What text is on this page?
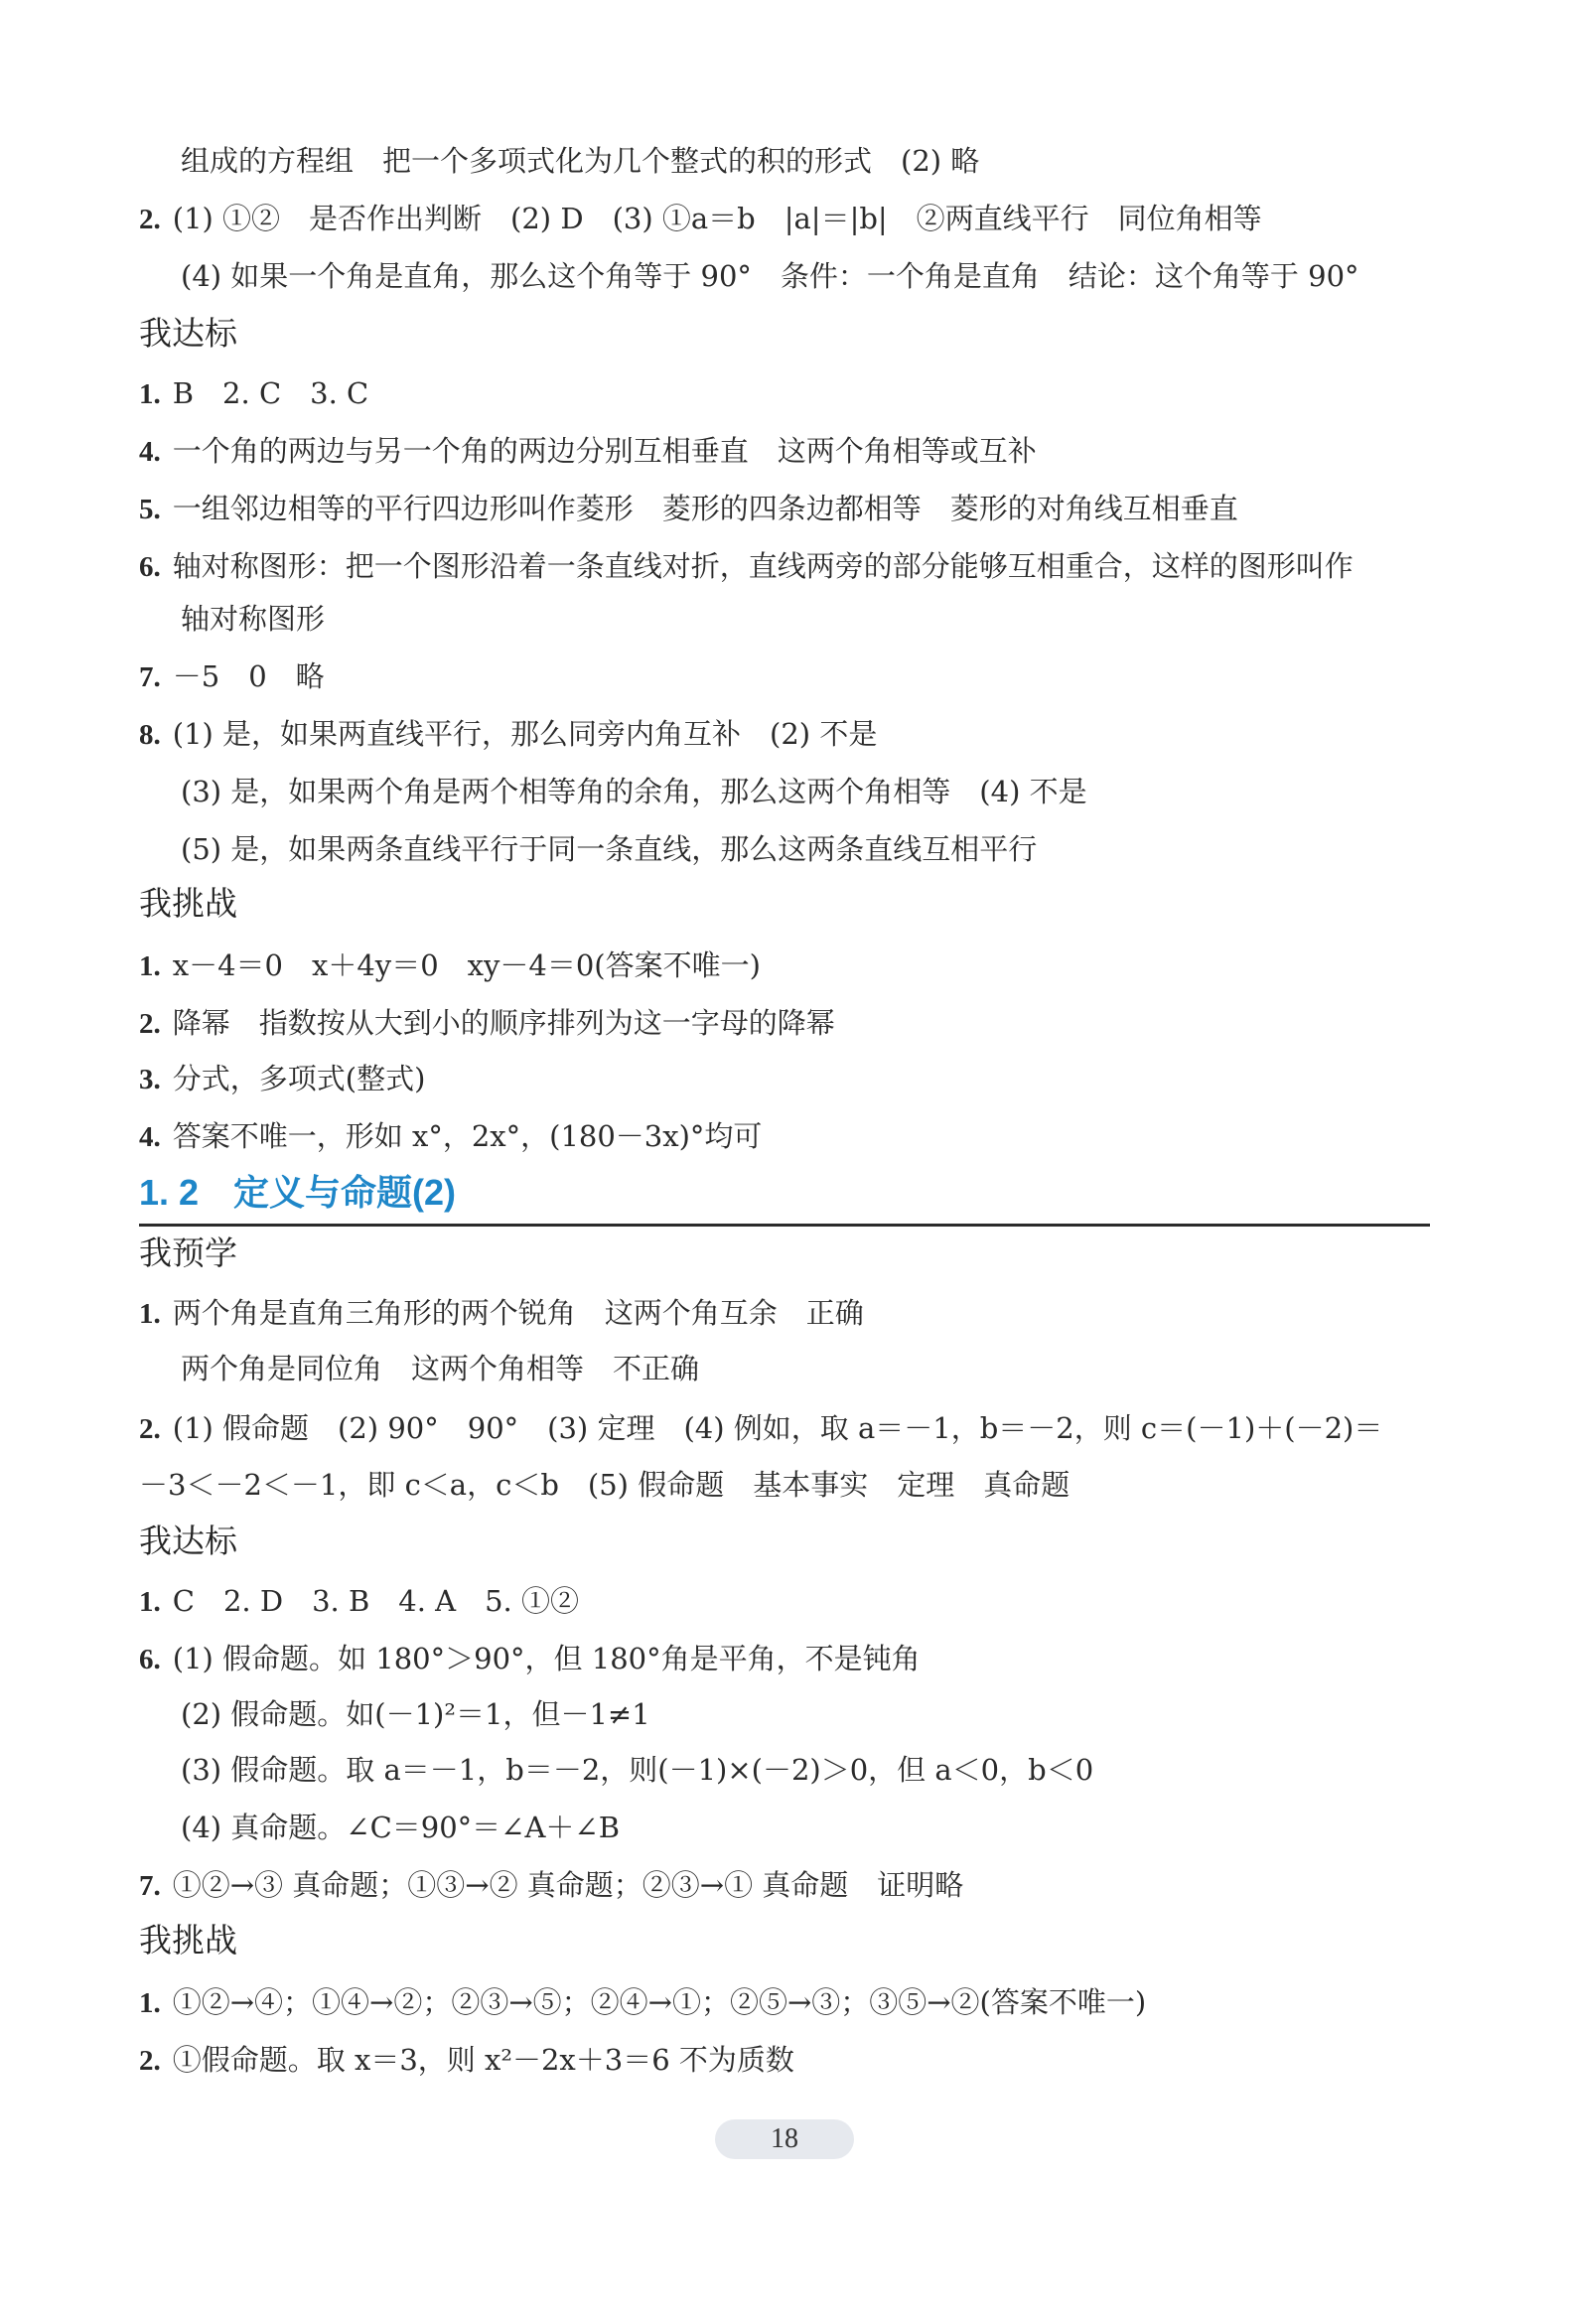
组成的方程组　把一个多项式化为几个整式的积的形式　(2) 略
2. (1) ①②　是否作出判断　(2) D　(3) ①a＝b　|a|＝|b|　②两直线平行　同位角相等
(4) 如果一个角是直角，那么这个角等于 90°　条件：一个角是直角　结论：这个角等于 90°
我达标
1. B　2. C　3. C
4. 一个角的两边与另一个角的两边分别互相垂直　这两个角相等或互补
5. 一组邻边相等的平行四边形叫作菱形　菱形的四条边都相等　菱形的对角线互相垂直
6. 轴对称图形：把一个图形沿着一条直线对折，直线两旁的部分能够互相重合，这样的图形叫作
轴对称图形
7. －5　0　略
8. (1) 是，如果两直线平行，那么同旁内角互补　(2) 不是
(3) 是，如果两个角是两个相等角的余角，那么这两个角相等　(4) 不是
(5) 是，如果两条直线平行于同一条直线，那么这两条直线互相平行
我挑战
1. x－4＝0　x＋4y＝0　xy－4＝0(答案不唯一)
2. 降幂　指数按从大到小的顺序排列为这一字母的降幂
3. 分式，多项式(整式)
4. 答案不唯一，形如 x°，2x°，(180－3x)°均可
1. 2 定义与命题(2)
我预学
1. 两个角是直角三角形的两个锐角　这两个角互余　正确
两个角是同位角　这两个角相等　不正确
2. (1) 假命题　(2) 90°　90°　(3) 定理　(4) 例如，取 a＝－1，b＝－2，则 c＝(－1)＋(－2)＝
－3＜－2＜－1，即 c＜a，c＜b　(5) 假命题　基本事实　定理　真命题
我达标
1. C　2. D　3. B　4. A　5. ①②
6. (1) 假命题。如 180°＞90°，但 180°角是平角，不是钝角
(2) 假命题。如(－1)²＝1，但－1≠1
(3) 假命题。取 a＝－1，b＝－2，则(－1)×(－2)＞0，但 a＜0，b＜0
(4) 真命题。∠C＝90°＝∠A＋∠B
7. ①②→③ 真命题；①③→② 真命题；②③→① 真命题　证明略
我挑战
1. ①②→④；①④→②；②③→⑤；②④→①；②⑤→③；③⑤→②(答案不唯一)
2. ①假命题。取 x＝3，则 x²－2x＋3＝6 不为质数
18
